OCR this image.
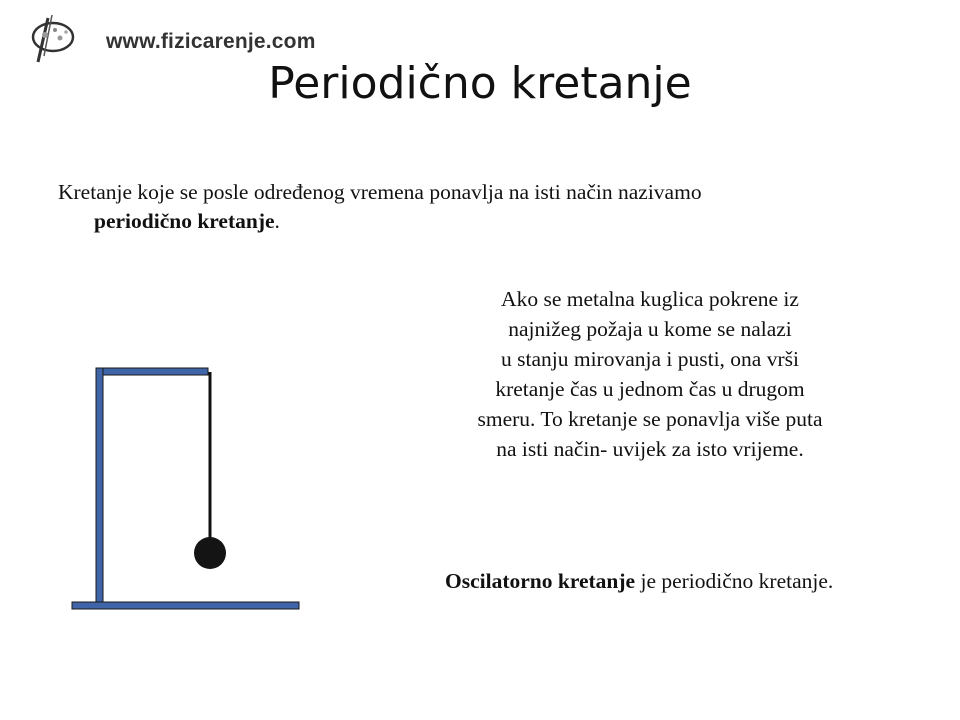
www.fizicarenje.com
Periodično kretanje
Kretanje koje se posle određenog vremena ponavlja na isti način nazivamo
periodično kretanje.
Ako se metalna kuglica pokrene iz
najnižeg požaja u kome se nalazi
u stanju mirovanja i pusti, ona vrši
kretanje čas u jednom čas u drugom
smeru. To kretanje se ponavlja više puta
na isti način- uvijek za isto vrijeme.
Oscilatorno kretanje je periodično kretanje.
